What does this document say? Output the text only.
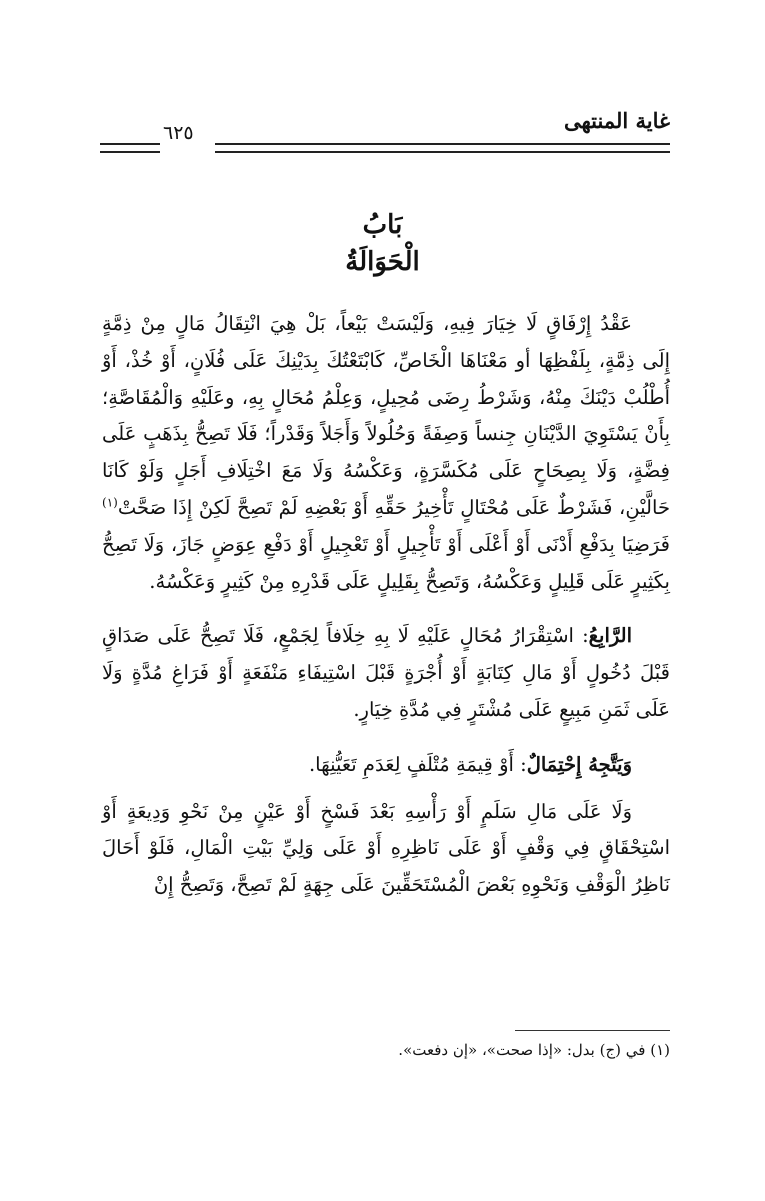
غاية المنتهى
٦٢٥
بَابُ
الْحَوَالَةُ

عَقْدُ إِرْفَاقٍ لَا خِيَارَ فِيهِ، وَلَيْسَتْ بَيْعاً، بَلْ هِيَ انْتِقَالُ مَالٍ مِنْ ذِمَّةٍ إِلَى ذِمَّةٍ، بِلَفْظِهَا أو مَعْنَاهَا الْخَاصِّ، كَابْتَعْتُكَ بِدَيْنِكَ عَلَى فُلَانٍ، أَوْ خُذْ، أَوْ أُطْلُبْ دَيْنَكَ مِنْهُ، وَشَرْطُ رِضَى مُحِيلٍ، وَعِلْمُ مُحَالٍ بِهِ، وعَلَيْهِ وَالْمُقَاصَّةِ؛ بِأَنْ يَسْتَوِيَ الدَّيْنَانِ جِنساً وَصِفَةً وَحُلُولاً وَأَجَلاً وَقَدْراً؛ فَلَا تَصِحُّ بِذَهَبٍ عَلَى فِضَّةٍ، وَلَا بِصِحَاحٍ عَلَى مُكَسَّرَةٍ، وَعَكْسُهُ وَلَا مَعَ اخْتِلَافِ أَجَلٍ وَلَوْ كَانَا حَالَّيْنِ، فَشَرْطٌ عَلَى مُحْتَالٍ تَأْخِيرُ حَقِّهِ أَوْ بَعْضِهِ لَمْ تَصِحَّ لَكِنْ إِذَا صَحَّتْ$^{(١)}$ فَرَضِيَا بِدَفْعِ أَدْنَى أَوْ أَعْلَى أَوْ تَأْجِيلٍ أَوْ تَعْجِيلٍ أَوْ دَفْعِ عِوَضٍ جَازَ، وَلَا تَصِحُّ بِكَثِيرٍ عَلَى قَلِيلٍ وَعَكْسُهُ، وَتَصِحُّ بِقَلِيلٍ عَلَى قَدْرِهِ مِنْ كَثِيرٍ وَعَكْسُهُ.

الرَّابِعُ: اسْتِقْرَارُ مُحَالٍ عَلَيْهِ لَا بِهِ خِلَافاً لِجَمْعٍ، فَلَا تَصِحُّ عَلَى صَدَاقٍ قَبْلَ دُخُولٍ أَوْ مَالِ كِتَابَةٍ أَوْ أُجْرَةٍ قَبْلَ اسْتِيفَاءِ مَنْفَعَةٍ أَوْ فَرَاغِ مُدَّةٍ وَلَا عَلَى ثَمَنِ مَبِيعٍ عَلَى مُشْتَرٍ فِي مُدَّةِ خِيَارٍ.

وَيَتَّجِهُ إِحْتِمَالٌ: أَوْ قِيمَةِ مُتْلَفٍ لِعَدَمِ تَعَيُّنِهَا.

وَلَا عَلَى مَالِ سَلَمٍ أَوْ رَأْسِهِ بَعْدَ فَسْخٍ أَوْ عَيْنٍ مِنْ نَحْوِ وَدِيعَةٍ أَوْ اسْتِحْقَاقٍ فِي وَقْفٍ أَوْ عَلَى نَاظِرِهِ أَوْ عَلَى وَلِيِّ بَيْتِ الْمَالِ، فَلَوْ أَحَالَ نَاظِرُ الْوَقْفِ وَنَحْوِهِ بَعْضَ الْمُسْتَحَقِّينَ عَلَى جِهَةٍ لَمْ تَصِحَّ، وَتَصِحُّ إِنْ

(١) في (ج) بدل: «إذا صحت»، «إن دفعت».
